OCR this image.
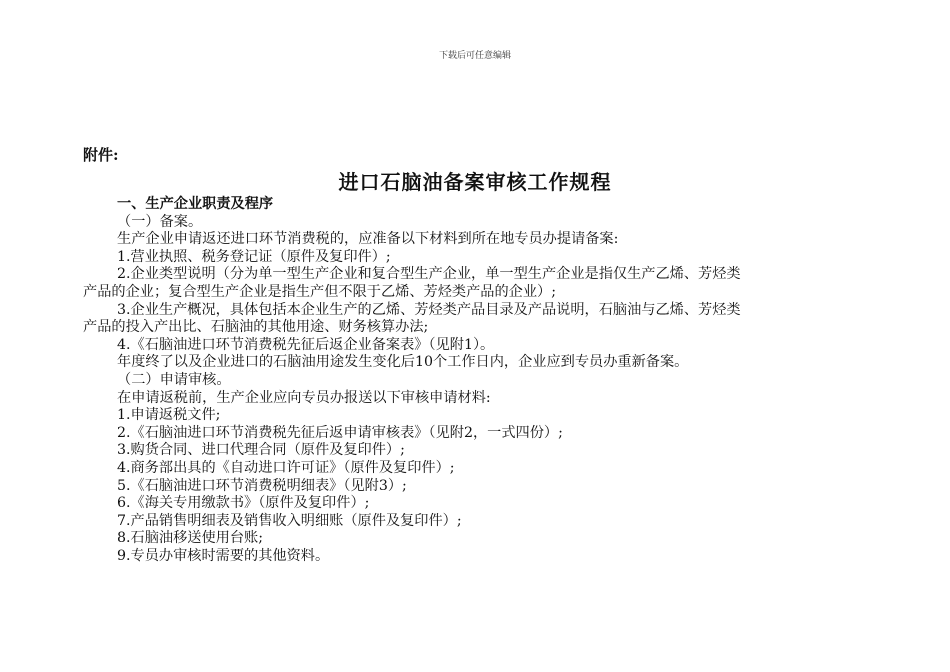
下载后可任意编辑
附件:
进口石脑油备案审核工作规程
一、生产企业职责及程序
（一）备案。
生产企业申请返还进口环节消费税的，应准备以下材料到所在地专员办提请备案:
1.营业执照、税务登记证（原件及复印件）;
2.企业类型说明（分为单一型生产企业和复合型生产企业，单一型生产企业是指仅生产乙烯、芳烃类
产品的企业；复合型生产企业是指生产但不限于乙烯、芳烃类产品的企业）;
3.企业生产概况，具体包括本企业生产的乙烯、芳烃类产品目录及产品说明，石脑油与乙烯、芳烃类
产品的投入产出比、石脑油的其他用途、财务核算办法;
4.《石脑油进口环节消费税先征后返企业备案表》（见附1）。
年度终了以及企业进口的石脑油用途发生变化后10个工作日内，企业应到专员办重新备案。
（二）申请审核。
在申请返税前，生产企业应向专员办报送以下审核申请材料:
1.申请返税文件;
2.《石脑油进口环节消费税先征后返申请审核表》（见附2，一式四份）;
3.购货合同、进口代理合同（原件及复印件）;
4.商务部出具的《自动进口许可证》（原件及复印件）;
5.《石脑油进口环节消费税明细表》（见附3）;
6.《海关专用缴款书》（原件及复印件）;
7.产品销售明细表及销售收入明细账（原件及复印件）;
8.石脑油移送使用台账;
9.专员办审核时需要的其他资料。
